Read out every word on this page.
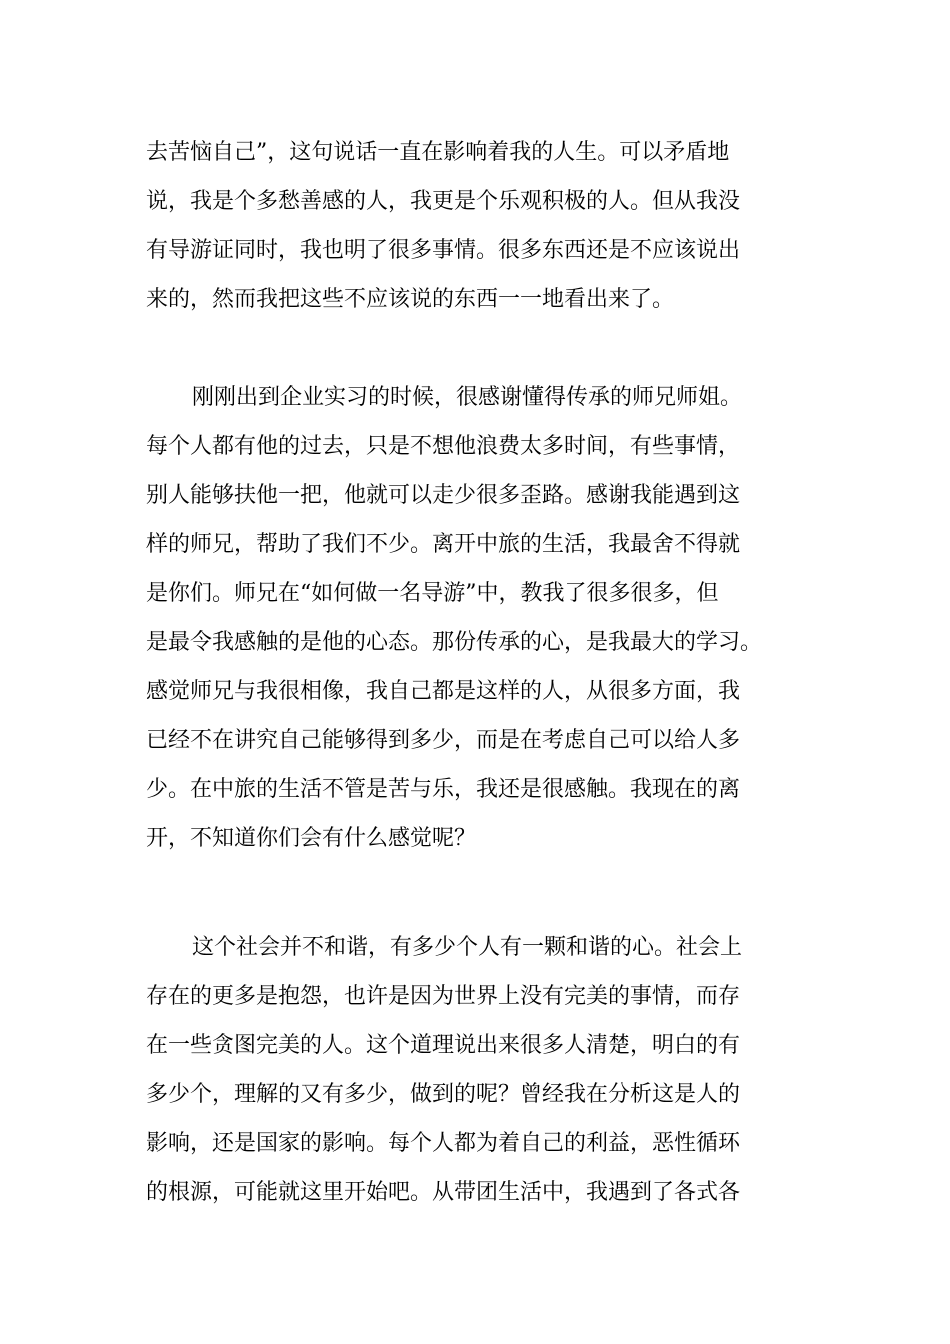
去苦恼自己”，这句说话一直在影响着我的人生。可以矛盾地
说，我是个多愁善感的人，我更是个乐观积极的人。但从我没
有导游证同时，我也明了很多事情。很多东西还是不应该说出
来的，然而我把这些不应该说的东西一一地看出来了。
刚刚出到企业实习的时候，很感谢懂得传承的师兄师姐。
每个人都有他的过去，只是不想他浪费太多时间，有些事情，
别人能够扶他一把，他就可以走少很多歪路。感谢我能遇到这
样的师兄，帮助了我们不少。离开中旅的生活，我最舍不得就
是你们。师兄在“如何做一名导游”中，教我了很多很多，但
是最令我感触的是他的心态。那份传承的心，是我最大的学习。
感觉师兄与我很相像，我自己都是这样的人，从很多方面，我
已经不在讲究自己能够得到多少，而是在考虑自己可以给人多
少。在中旅的生活不管是苦与乐，我还是很感触。我现在的离
开，不知道你们会有什么感觉呢？
这个社会并不和谐，有多少个人有一颗和谐的心。社会上
存在的更多是抱怨，也许是因为世界上没有完美的事情，而存
在一些贪图完美的人。这个道理说出来很多人清楚，明白的有
多少个，理解的又有多少，做到的呢？曾经我在分析这是人的
影响，还是国家的影响。每个人都为着自己的利益，恶性循环
的根源，可能就这里开始吧。从带团生活中，我遇到了各式各
